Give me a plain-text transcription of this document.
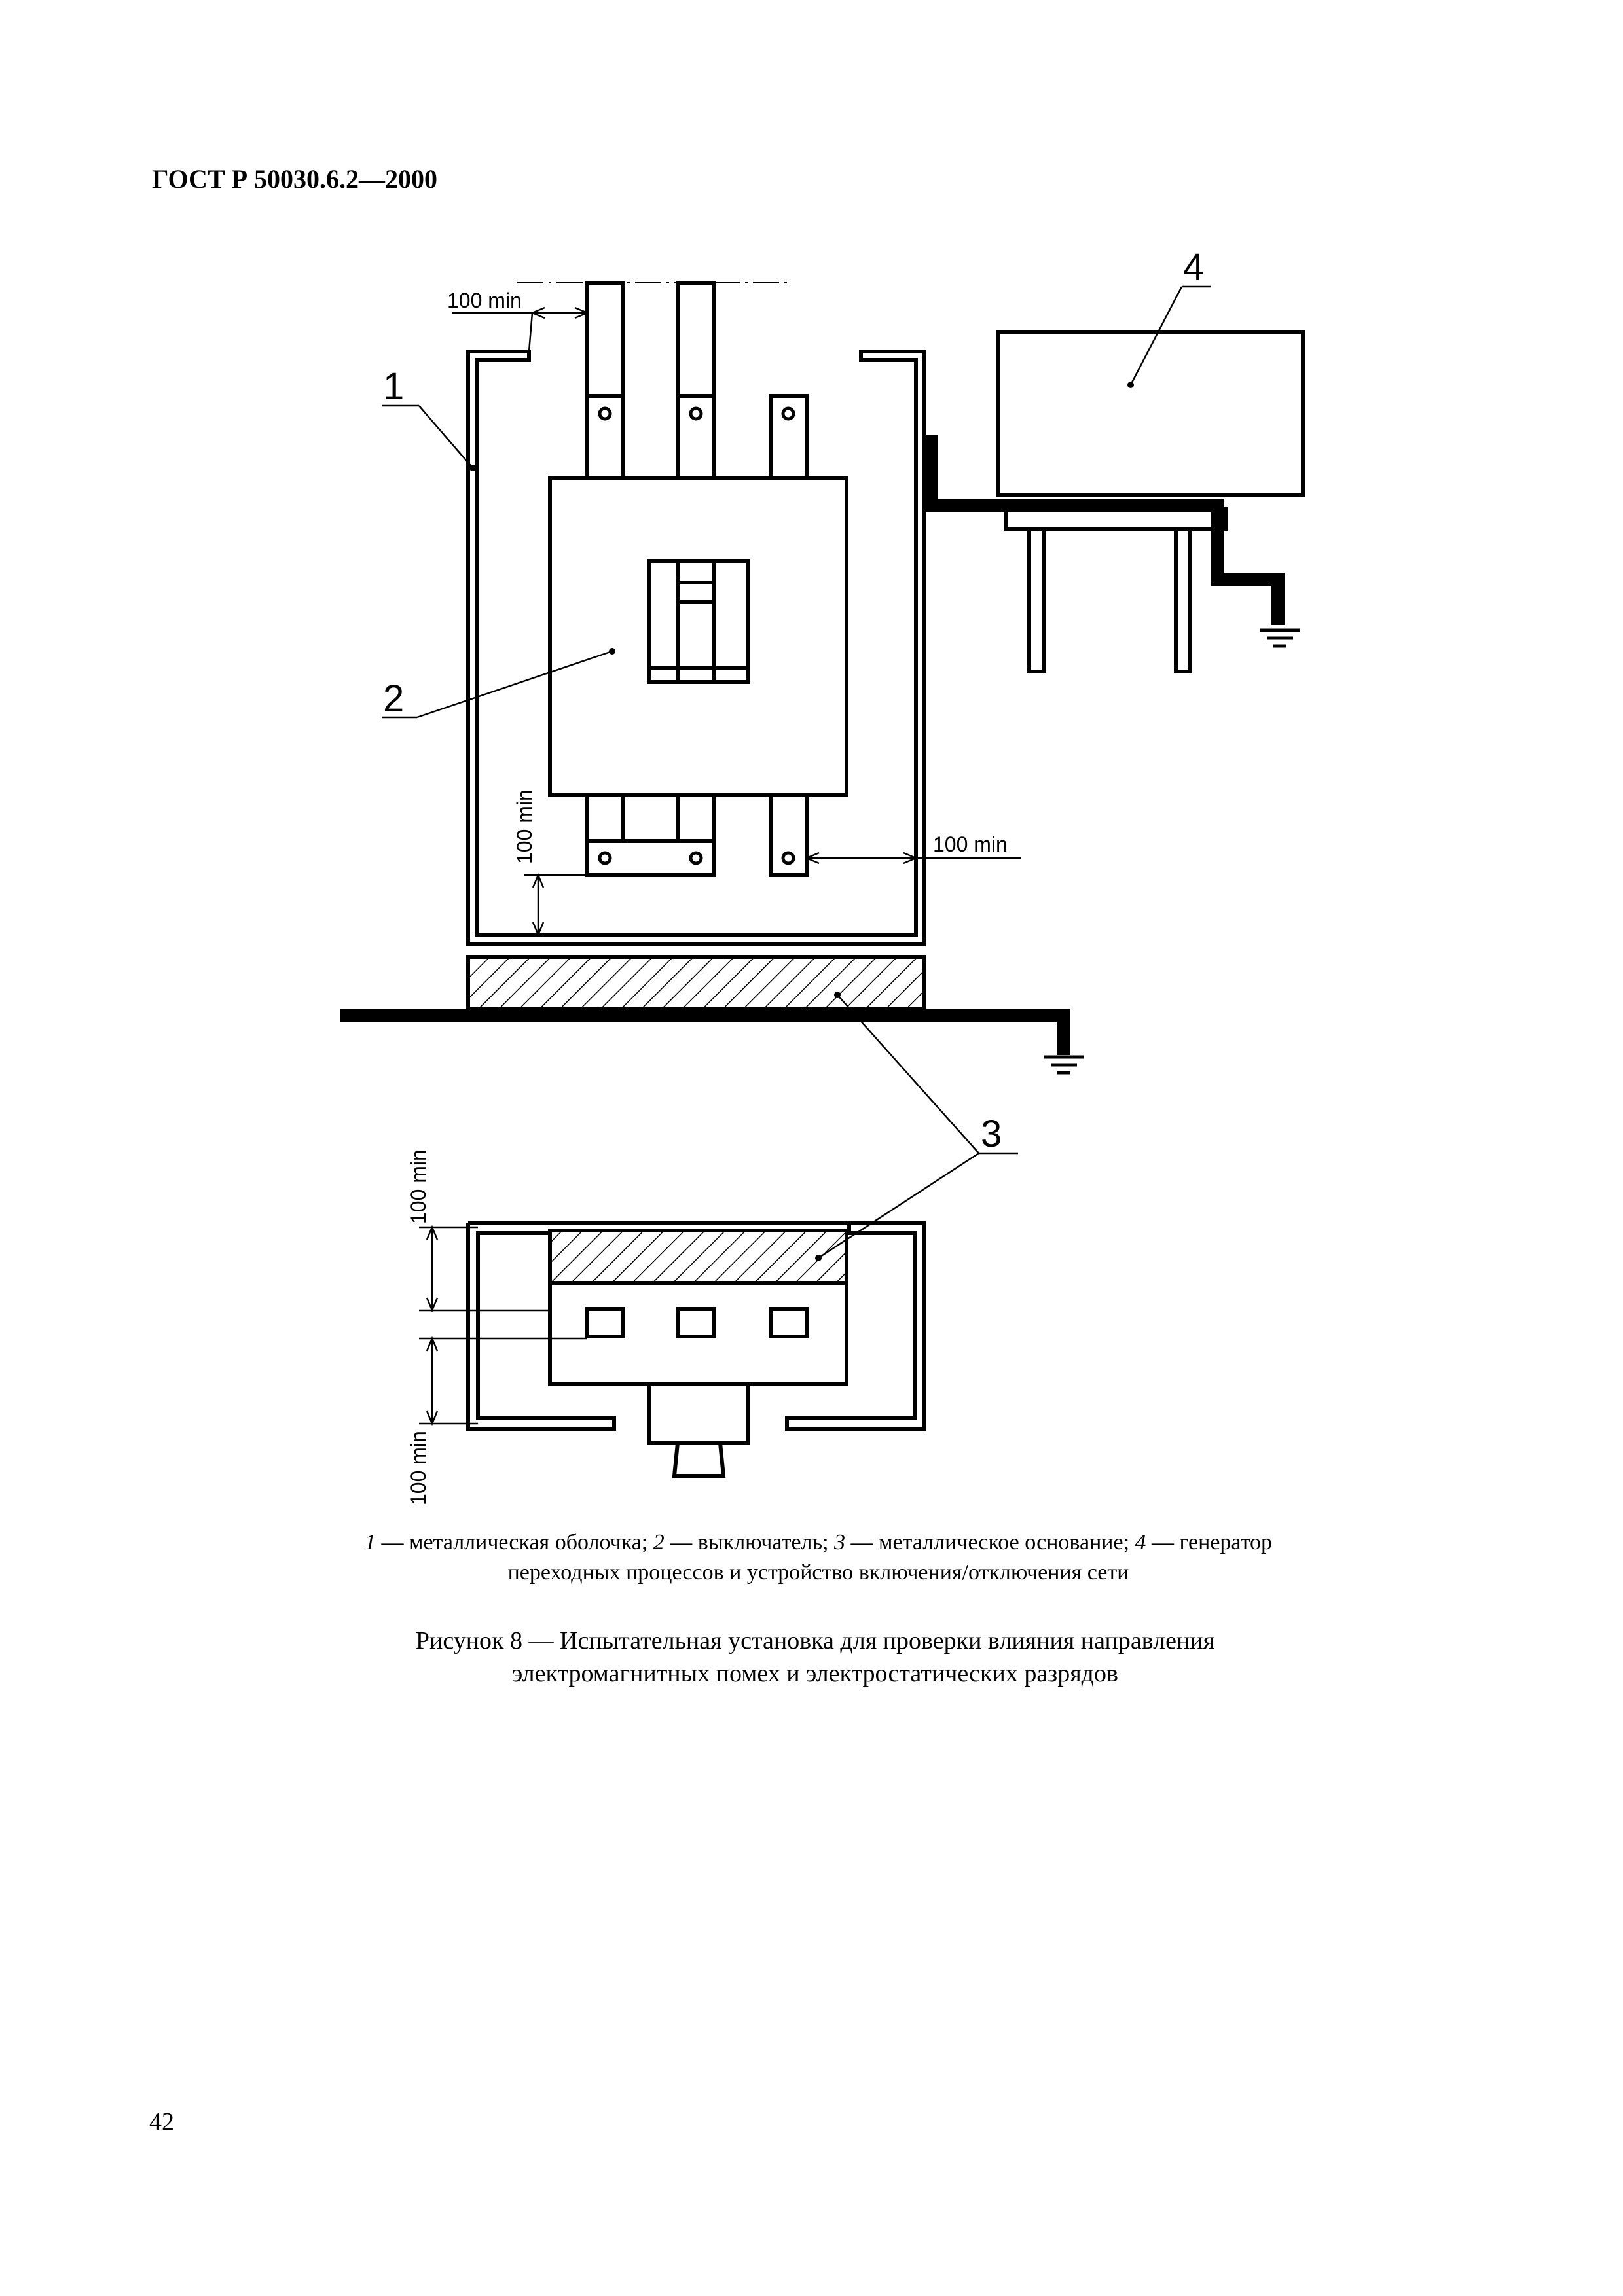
ГОСТ Р 50030.6.2—2000
100 min
100 min	100 min
1
2
4
3
100 min
100 min
1 — металлическая оболочка; 2 — выключатель; 3 — металлическое основание; 4 — генератор переходных процессов и устройство включения/отключения сети
Рисунок 8 — Испытательная установка для проверки влияния направления электромагнитных помех и электростатических разрядов
42
